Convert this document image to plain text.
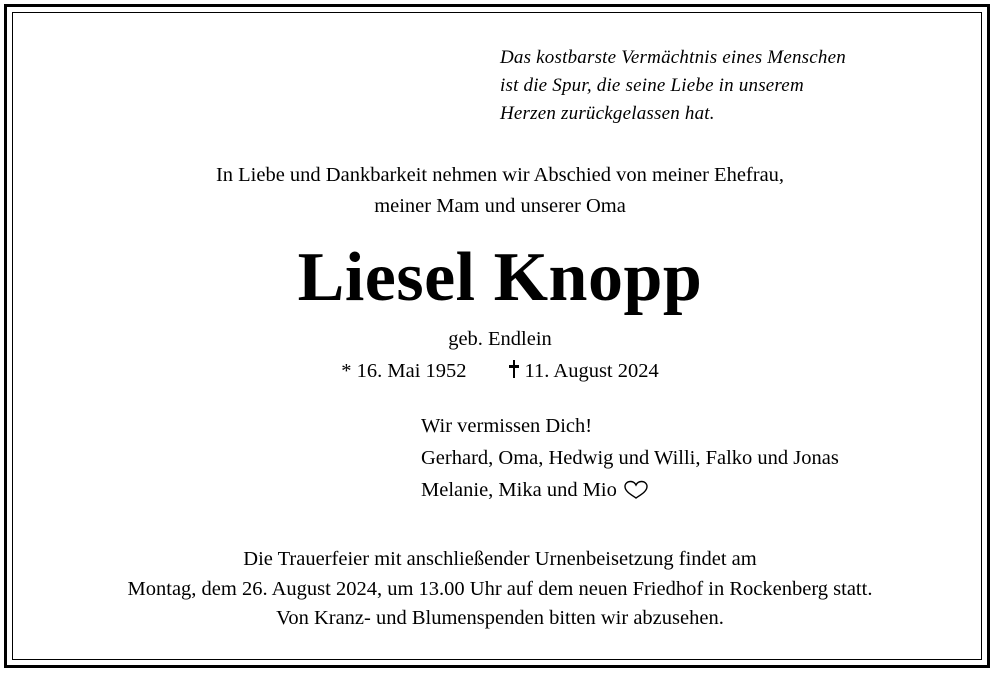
Das kostbarste Vermächtnis eines Menschen
ist die Spur, die seine Liebe in unserem
Herzen zurückgelassen hat.
In Liebe und Dankbarkeit nehmen wir Abschied von meiner Ehefrau,
meiner Mam und unserer Oma
Liesel Knopp
geb. Endlein
* 16. Mai 1952	11. August 2024
Wir vermissen Dich!
Gerhard, Oma, Hedwig und Willi, Falko und Jonas
Melanie, Mika und Mio
Die Trauerfeier mit anschließender Urnenbeisetzung findet am
Montag, dem 26. August 2024, um 13.00 Uhr auf dem neuen Friedhof in Rockenberg statt.
Von Kranz- und Blumenspenden bitten wir abzusehen.
